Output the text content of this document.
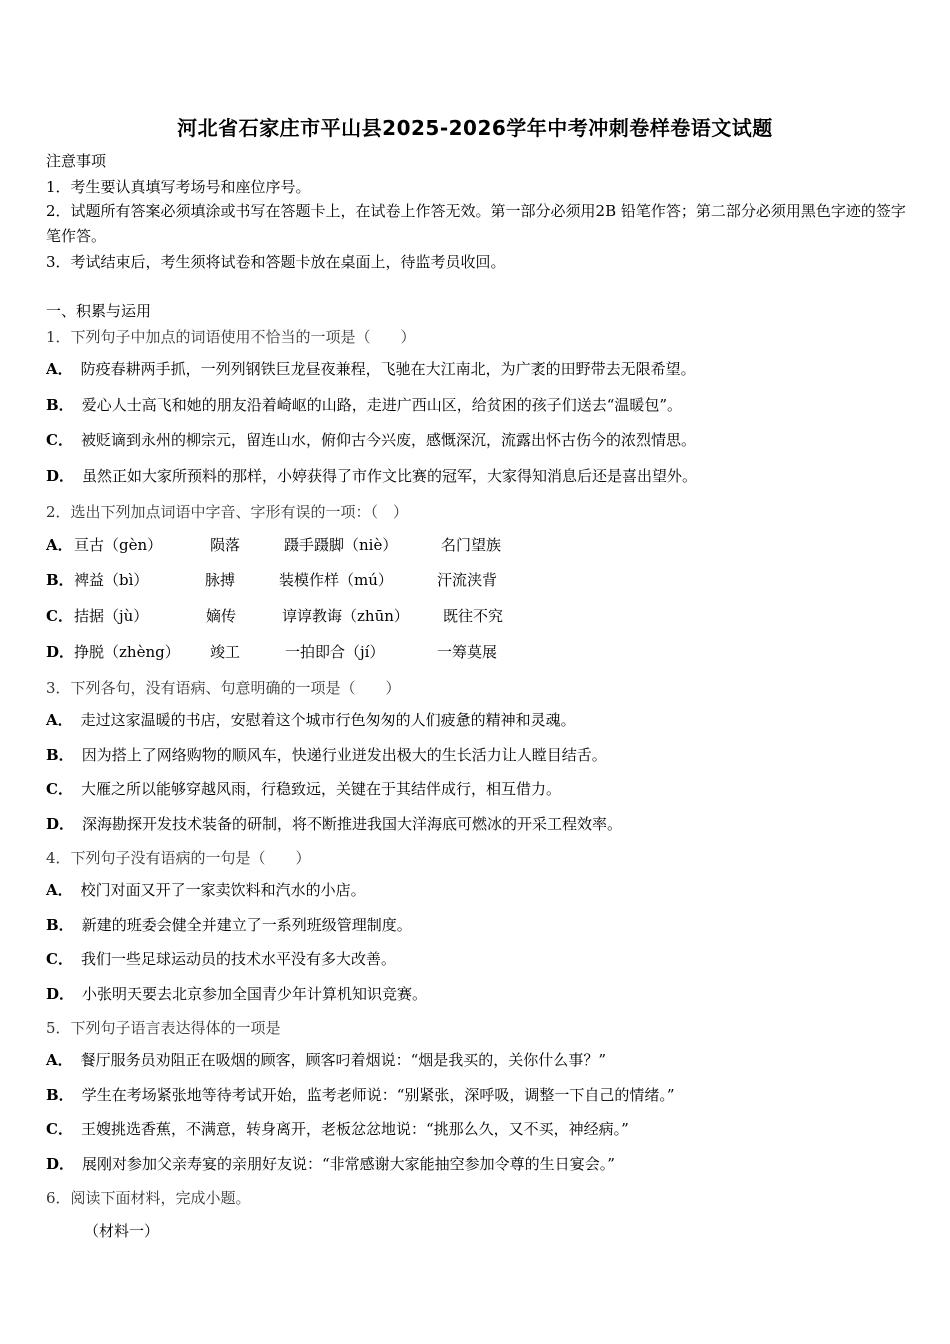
河北省石家庄市平山县2025-2026学年中考冲刺卷样卷语文试题
注意事项
1．考生要认真填写考场号和座位序号。
2．试题所有答案必须填涂或书写在答题卡上，在试卷上作答无效。第一部分必须用2B 铅笔作答；第二部分必须用黑色字迹的签字笔作答。
3．考试结束后，考生须将试卷和答题卡放在桌面上，待监考员收回。
一、积累与运用
1．下列句子中加点的词语使用不恰当的一项是（　　）
A． 防疫春耕两手抓，一列列钢铁巨龙昼夜兼程，飞驰在大江南北，为广袤的田野带去无限希望。
B． 爱心人士高飞和她的朋友沿着崎岖的山路，走进广西山区，给贫困的孩子们送去“温暖包”。
C． 被贬谪到永州的柳宗元，留连山水，俯仰古今兴废，感慨深沉，流露出怀古伤今的浓烈情思。
D． 虽然正如大家所预料的那样，小婷获得了市作文比赛的冠军，大家得知消息后还是喜出望外。
2．选出下列加点词语中字音、字形有误的一项：（　）
A． 亘古（gèn）	陨落	蹑手蹑脚（niè）	名门望族
B． 裨益（bì）	脉搏	装模作样（mú）	汗流浃背
C． 拮据（jù）	嫡传	谆谆教诲（zhūn） 既往不究
D． 挣脱（zhèng） 竣工	一拍即合（jí）	一筹莫展
3．下列各句，没有语病、句意明确的一项是（　　）
A． 走过这家温暖的书店，安慰着这个城市行色匆匆的人们疲惫的精神和灵魂。
B． 因为搭上了网络购物的顺风车，快递行业迸发出极大的生长活力让人瞠目结舌。
C． 大雁之所以能够穿越风雨，行稳致远，关键在于其结伴成行，相互借力。
D． 深海勘探开发技术装备的研制，将不断推进我国大洋海底可燃冰的开采工程效率。
4．下列句子没有语病的一句是（　　）
A． 校门对面又开了一家卖饮料和汽水的小店。
B． 新建的班委会健全并建立了一系列班级管理制度。
C． 我们一些足球运动员的技术水平没有多大改善。
D． 小张明天要去北京参加全国青少年计算机知识竞赛。
5．下列句子语言表达得体的一项是
A． 餐厅服务员劝阻正在吸烟的顾客，顾客叼着烟说：“烟是我买的，关你什么事？”
B． 学生在考场紧张地等待考试开始，监考老师说：“别紧张，深呼吸，调整一下自己的情绪。”
C． 王嫂挑选香蕉，不满意，转身离开，老板忿忿地说：“挑那么久，又不买，神经病。”
D． 展刚对参加父亲寿宴的亲朋好友说：“非常感谢大家能抽空参加令尊的生日宴会。”
6．阅读下面材料，完成小题。
（材料一）
